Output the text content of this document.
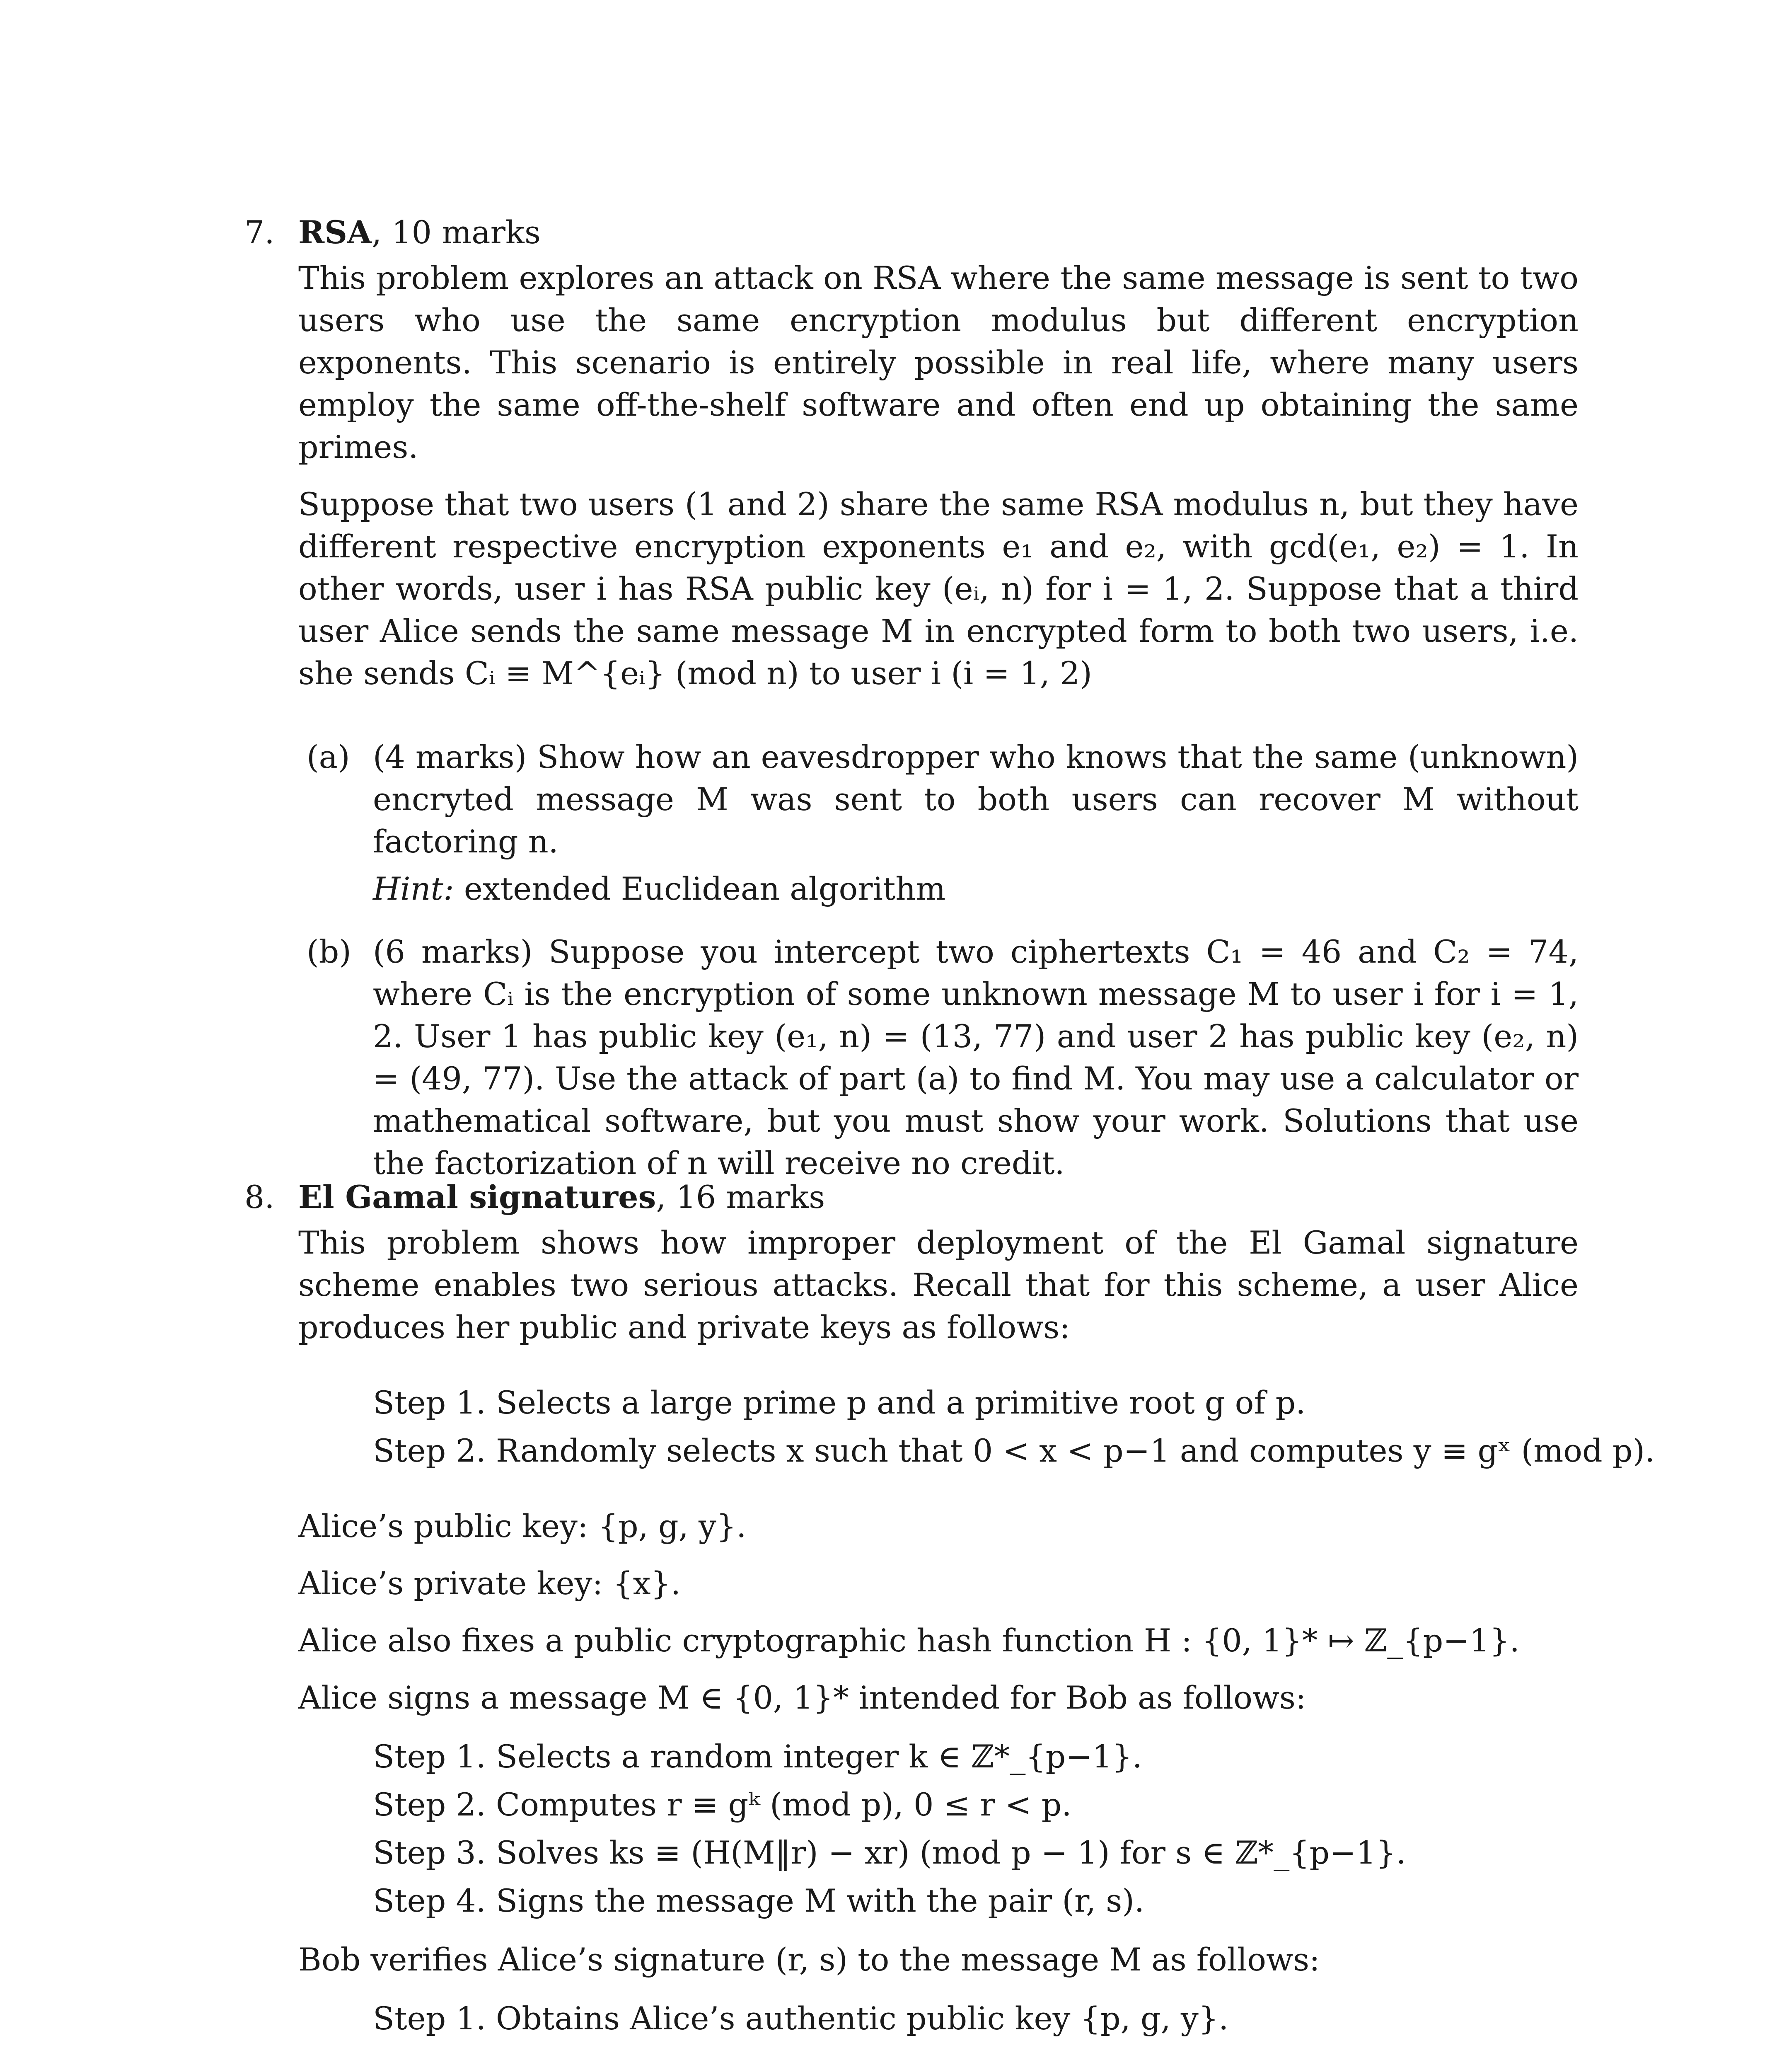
7. RSA, 10 marks

This problem explores an attack on RSA where the same message is sent to two users who use the same encryption modulus but different encryption exponents. This scenario is entirely possible in real life, where many users employ the same off-the-shelf software and often end up obtaining the same primes.

Suppose that two users (1 and 2) share the same RSA modulus n, but they have different respective encryption exponents e₁ and e₂, with gcd(e₁, e₂) = 1. In other words, user i has RSA public key (eᵢ, n) for i = 1, 2. Suppose that a third user Alice sends the same message M in encrypted form to both two users, i.e. she sends Cᵢ ≡ M^{eᵢ} (mod n) to user i (i = 1, 2)

(a) (4 marks) Show how an eavesdropper who knows that the same (unknown) encryted message M was sent to both users can recover M without factoring n.

Hint: extended Euclidean algorithm

(b) (6 marks) Suppose you intercept two ciphertexts C₁ = 46 and C₂ = 74, where Cᵢ is the encryption of some unknown message M to user i for i = 1, 2. User 1 has public key (e₁, n) = (13, 77) and user 2 has public key (e₂, n) = (49, 77). Use the attack of part (a) to find M. You may use a calculator or mathematical software, but you must show your work. Solutions that use the factorization of n will receive no credit.

8. El Gamal signatures, 16 marks

This problem shows how improper deployment of the El Gamal signature scheme enables two serious attacks. Recall that for this scheme, a user Alice produces her public and private keys as follows:

Step 1. Selects a large prime p and a primitive root g of p.
Step 2. Randomly selects x such that 0 < x < p−1 and computes y ≡ gˣ (mod p).

Alice’s public key: {p, g, y}.

Alice’s private key: {x}.

Alice also fixes a public cryptographic hash function H : {0, 1}* ↦ ℤ_{p−1}.

Alice signs a message M ∈ {0, 1}* intended for Bob as follows:

Step 1. Selects a random integer k ∈ ℤ*_{p−1}.
Step 2. Computes r ≡ gᵏ (mod p), 0 ≤ r < p.
Step 3. Solves ks ≡ (H(M‖r) − xr) (mod p − 1) for s ∈ ℤ*_{p−1}.
Step 4. Signs the message M with the pair (r, s).

Bob verifies Alice’s signature (r, s) to the message M as follows:

Step 1. Obtains Alice’s authentic public key {p, g, y}.
